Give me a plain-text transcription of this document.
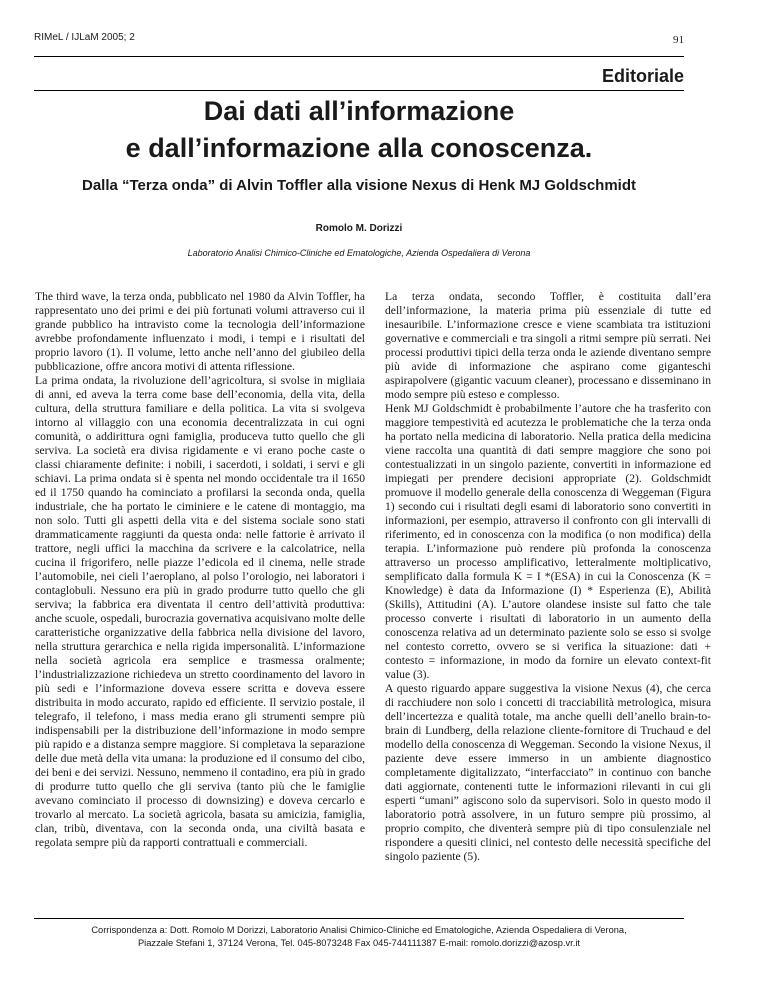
RIMeL / IJLaM 2005; 2	91
Editoriale
Dai dati all’informazione
e dall’informazione alla conoscenza.
Dalla “Terza onda” di Alvin Toffler alla visione Nexus di Henk MJ Goldschmidt
Romolo M. Dorizzi
Laboratorio Analisi Chimico-Cliniche ed Ematologiche, Azienda Ospedaliera di Verona

The third wave, la terza onda, pubblicato nel 1980 da Alvin Toffler, ha rappresentato uno dei primi e dei più fortunati volumi attraverso cui il grande pubblico ha intravisto come la tecnologia dell’informazione avrebbe profondamente influenzato i modi, i tempi e i risultati del proprio lavoro (1). Il volume, letto anche nell’anno del giubileo della pubblicazione, offre ancora motivi di attenta riflessione.

La prima ondata, la rivoluzione dell’agricoltura, si svolse in migliaia di anni, ed aveva la terra come base dell’economia, della vita, della cultura, della struttura familiare e della politica. La vita si svolgeva intorno al villaggio con una economia decentralizzata in cui ogni comunità, o addirittura ogni famiglia, produceva tutto quello che gli serviva. La società era divisa rigidamente e vi erano poche caste o classi chiaramente definite: i nobili, i sacerdoti, i soldati, i servi e gli schiavi. La prima ondata si è spenta nel mondo occidentale tra il 1650 ed il 1750 quando ha cominciato a profilarsi la seconda onda, quella industriale, che ha portato le ciminiere e le catene di montaggio, ma non solo. Tutti gli aspetti della vita e del sistema sociale sono stati drammaticamente raggiunti da questa onda: nelle fattorie è arrivato il trattore, negli uffici la macchina da scrivere e la calcolatrice, nella cucina il frigorifero, nelle piazze l’edicola ed il cinema, nelle strade l’automobile, nei cieli l’aeroplano, al polso l’orologio, nei laboratori i contaglobuli. Nessuno era più in grado produrre tutto quello che gli serviva; la fabbrica era diventata il centro dell’attività produttiva: anche scuole, ospedali, burocrazia governativa acquisivano molte delle caratteristiche organizzative della fabbrica nella divisione del lavoro, nella struttura gerarchica e nella rigida impersonalità. L’informazione nella società agricola era semplice e trasmessa oralmente; l’industrializzazione richiedeva un stretto coordinamento del lavoro in più sedi e l’informazione doveva essere scritta e doveva essere distribuita in modo accurato, rapido ed efficiente. Il servizio postale, il telegrafo, il telefono, i mass media erano gli strumenti sempre più indispensabili per la distribuzione dell’informazione in modo sempre più rapido e a distanza sempre maggiore. Si completava la separazione delle due metà della vita umana: la produzione ed il consumo del cibo, dei beni e dei servizi. Nessuno, nemmeno il contadino, era più in grado di produrre tutto quello che gli serviva (tanto più che le famiglie avevano cominciato il processo di downsizing) e doveva cercarlo e trovarlo al mercato. La società agricola, basata su amicizia, famiglia, clan, tribù, diventava, con la seconda onda, una civiltà basata e regolata sempre più da rapporti contrattuali e commerciali.

La terza ondata, secondo Toffler, è costituita dall’era dell’informazione, la materia prima più essenziale di tutte ed inesauribile. L’informazione cresce e viene scambiata tra istituzioni governative e commerciali e tra singoli a ritmi sempre più serrati. Nei processi produttivi tipici della terza onda le aziende diventano sempre più avide di informazione che aspirano come giganteschi aspirapolvere (gigantic vacuum cleaner), processano e disseminano in modo sempre più esteso e complesso.

Henk MJ Goldschmidt è probabilmente l’autore che ha trasferito con maggiore tempestività ed acutezza le problematiche che la terza onda ha portato nella medicina di laboratorio. Nella pratica della medicina viene raccolta una quantità di dati sempre maggiore che sono poi contestualizzati in un singolo paziente, convertiti in informazione ed impiegati per prendere decisioni appropriate (2). Goldschmidt promuove il modello generale della conoscenza di Weggeman (Figura 1) secondo cui i risultati degli esami di laboratorio sono convertiti in informazioni, per esempio, attraverso il confronto con gli intervalli di riferimento, ed in conoscenza con la modifica (o non modifica) della terapia. L’informazione può rendere più profonda la conoscenza attraverso un processo amplificativo, letteralmente moltiplicativo, semplificato dalla formula K = I *(ESA) in cui la Conoscenza (K = Knowledge) è data da Informazione (I) * Esperienza (E), Abilità (Skills), Attitudini (A). L’autore olandese insiste sul fatto che tale processo converte i risultati di laboratorio in un aumento della conoscenza relativa ad un determinato paziente solo se esso si svolge nel contesto corretto, ovvero se si verifica la situazione: dati + contesto = informazione, in modo da fornire un elevato context-fit value (3).

A questo riguardo appare suggestiva la visione Nexus (4), che cerca di racchiudere non solo i concetti di tracciabilità metrologica, misura dell’incertezza e qualità totale, ma anche quelli dell’anello brain-to-brain di Lundberg, della relazione cliente-fornitore di Truchaud e del modello della conoscenza di Weggeman. Secondo la visione Nexus, il paziente deve essere immerso in un ambiente diagnostico completamente digitalizzato, “interfacciato” in continuo con banche dati aggiornate, contenenti tutte le informazioni rilevanti in cui gli esperti “umani” agiscono solo da supervisori. Solo in questo modo il laboratorio potrà assolvere, in un futuro sempre più prossimo, al proprio compito, che diventerà sempre più di tipo consulenziale nel rispondere a quesiti clinici, nel contesto delle necessità specifiche del singolo paziente (5).

Corrispondenza a: Dott. Romolo M Dorizzi, Laboratorio Analisi Chimico-Cliniche ed Ematologiche, Azienda Ospedaliera di Verona,
Piazzale Stefani 1, 37124 Verona, Tel. 045-8073248 Fax 045-744111387 E-mail: romolo.dorizzi@azosp.vr.it
